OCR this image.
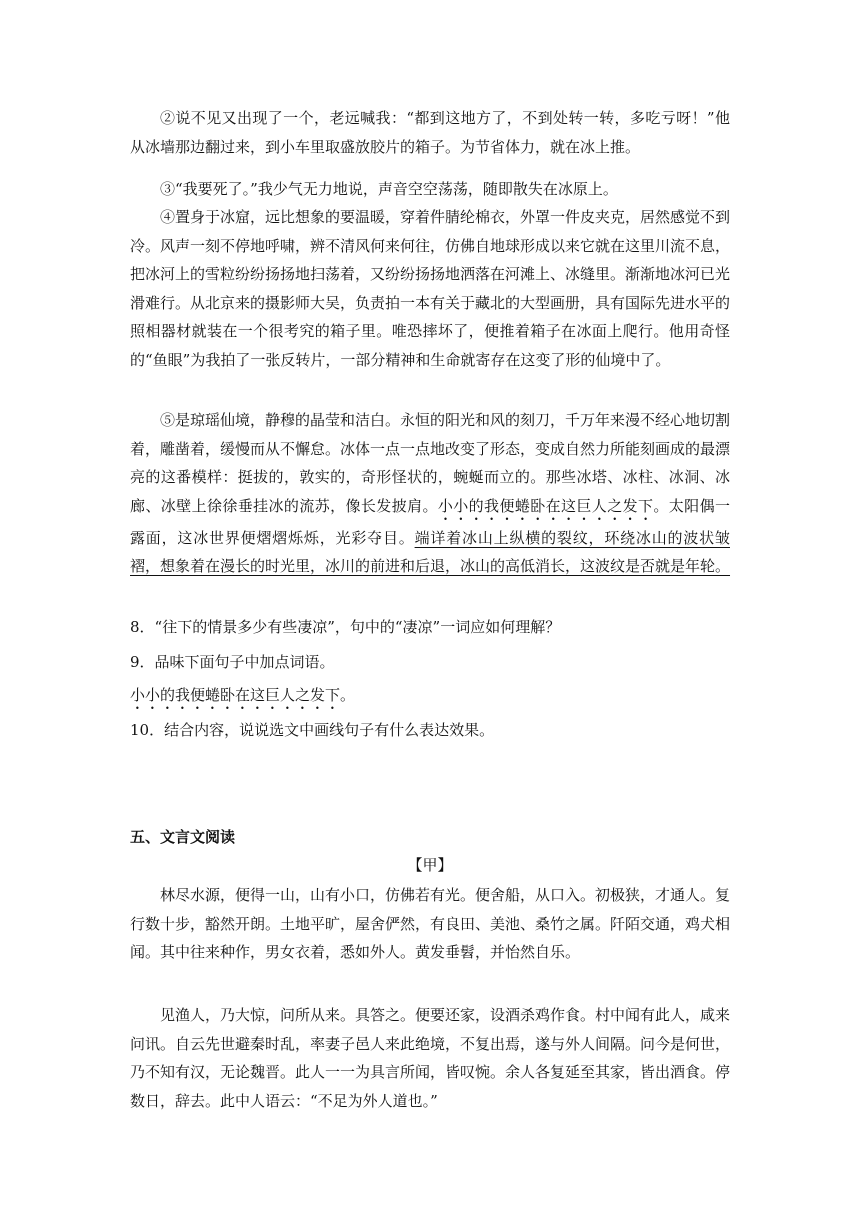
②说不见又出现了一个，老远喊我：“都到这地方了，不到处转一转，多吃亏呀！”他从冰墙那边翻过来，到小车里取盛放胶片的箱子。为节省体力，就在冰上推。

③“我要死了。”我少气无力地说，声音空空荡荡，随即散失在冰原上。

④置身于冰窟，远比想象的要温暖，穿着件腈纶棉衣，外罩一件皮夹克，居然感觉不到冷。风声一刻不停地呼啸，辨不清风何来何往，仿佛自地球形成以来它就在这里川流不息，把冰河上的雪粒纷纷扬扬地扫荡着，又纷纷扬扬地洒落在河滩上、冰缝里。渐渐地冰河已光滑难行。从北京来的摄影师大吴，负责拍一本有关于藏北的大型画册，具有国际先进水平的照相器材就装在一个很考究的箱子里。唯恐摔坏了，便推着箱子在冰面上爬行。他用奇怪的“鱼眼”为我拍了一张反转片，一部分精神和生命就寄存在这变了形的仙境中了。

⑤是琼瑶仙境，静穆的晶莹和洁白。永恒的阳光和风的刻刀，千万年来漫不经心地切割着，雕凿着，缓慢而从不懈怠。冰体一点一点地改变了形态，变成自然力所能刻画成的最漂亮的这番模样：挺拔的，敦实的，奇形怪状的，蜿蜒而立的。那些冰塔、冰柱、冰洞、冰廊、冰壁上徐徐垂挂冰的流苏，像长发披肩。小小的我便蜷卧在这巨人之发下。太阳偶一露面，这冰世界便熠熠烁烁，光彩夺目。端详着冰山上纵横的裂纹，环绕冰山的波状皱褶，想象着在漫长的时光里，冰川的前进和后退，冰山的高低消长，这波纹是否就是年轮。

8．“往下的情景多少有些凄凉”，句中的“凄凉”一词应如何理解？

9．品味下面句子中加点词语。

小小的我便蜷卧在这巨人之发下。

10．结合内容，说说选文中画线句子有什么表达效果。

五、文言文阅读

【甲】

林尽水源，便得一山，山有小口，仿佛若有光。便舍船，从口入。初极狭，才通人。复行数十步，豁然开朗。土地平旷，屋舍俨然，有良田、美池、桑竹之属。阡陌交通，鸡犬相闻。其中往来种作，男女衣着，悉如外人。黄发垂髫，并怡然自乐。

见渔人，乃大惊，问所从来。具答之。便要还家，设酒杀鸡作食。村中闻有此人，咸来问讯。自云先世避秦时乱，率妻子邑人来此绝境，不复出焉，遂与外人间隔。问今是何世，乃不知有汉，无论魏晋。此人一一为具言所闻，皆叹惋。余人各复延至其家，皆出酒食。停数日，辞去。此中人语云：“不足为外人道也。”
